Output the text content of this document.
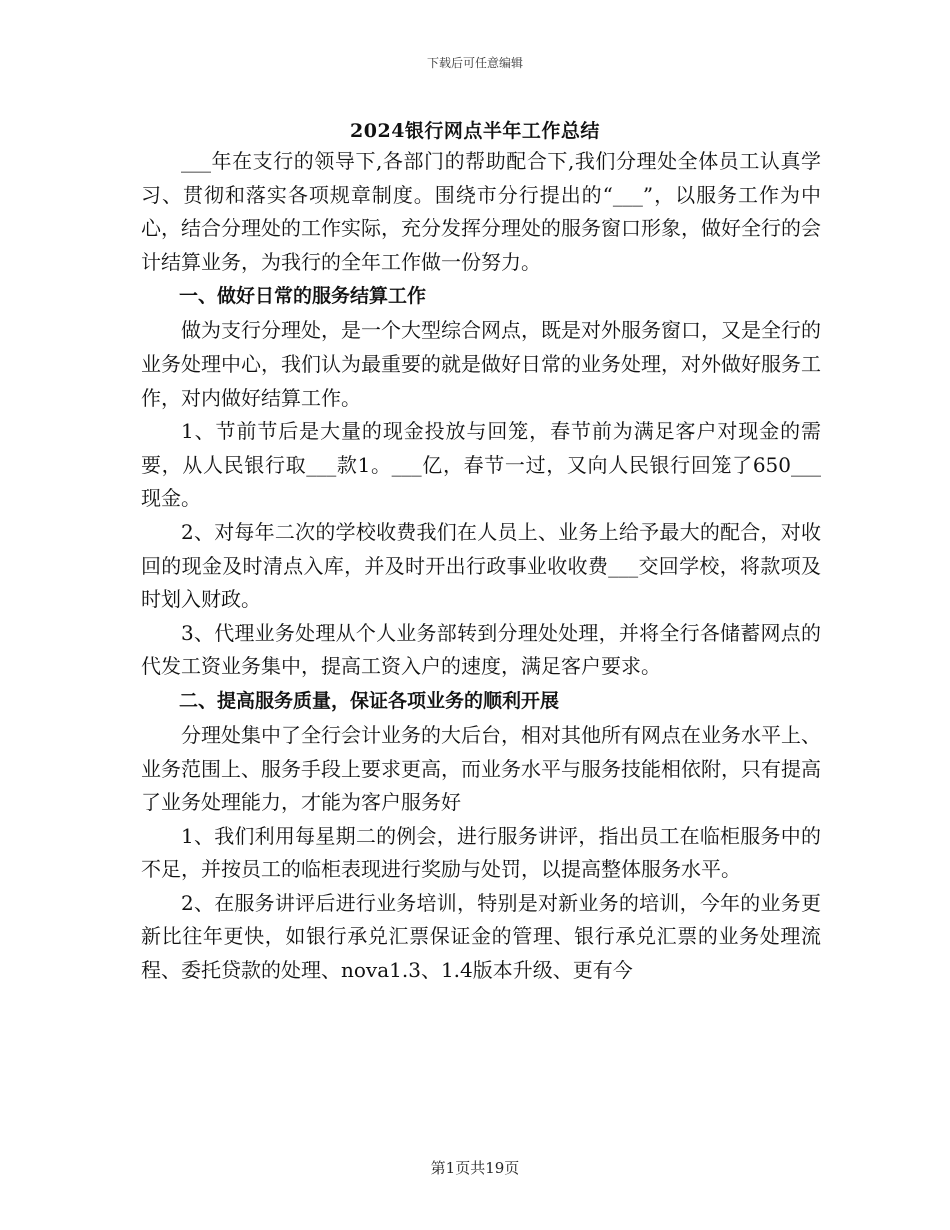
下载后可任意编辑
2024银行网点半年工作总结

___年在支行的领导下,各部门的帮助配合下,我们分理处全体员工认真学习、贯彻和落实各项规章制度。围绕市分行提出的“___”，以服务工作为中心，结合分理处的工作实际，充分发挥分理处的服务窗口形象，做好全行的会计结算业务，为我行的全年工作做一份努力。

一、做好日常的服务结算工作

做为支行分理处，是一个大型综合网点，既是对外服务窗口，又是全行的业务处理中心，我们认为最重要的就是做好日常的业务处理，对外做好服务工作，对内做好结算工作。

1、节前节后是大量的现金投放与回笼，春节前为满足客户对现金的需要，从人民银行取___款1。___亿，春节一过，又向人民银行回笼了650___现金。

2、对每年二次的学校收费我们在人员上、业务上给予最大的配合，对收回的现金及时清点入库，并及时开出行政事业收收费___交回学校，将款项及时划入财政。

3、代理业务处理从个人业务部转到分理处处理，并将全行各储蓄网点的代发工资业务集中，提高工资入户的速度，满足客户要求。

二、提高服务质量，保证各项业务的顺利开展

分理处集中了全行会计业务的大后台，相对其他所有网点在业务水平上、业务范围上、服务手段上要求更高，而业务水平与服务技能相依附，只有提高了业务处理能力，才能为客户服务好

1、我们利用每星期二的例会，进行服务讲评，指出员工在临柜服务中的不足，并按员工的临柜表现进行奖励与处罚，以提高整体服务水平。

2、在服务讲评后进行业务培训，特别是对新业务的培训，今年的业务更新比往年更快，如银行承兑汇票保证金的管理、银行承兑汇票的业务处理流程、委托贷款的处理、nova1.3、1.4版本升级、更有今

第1页共19页
